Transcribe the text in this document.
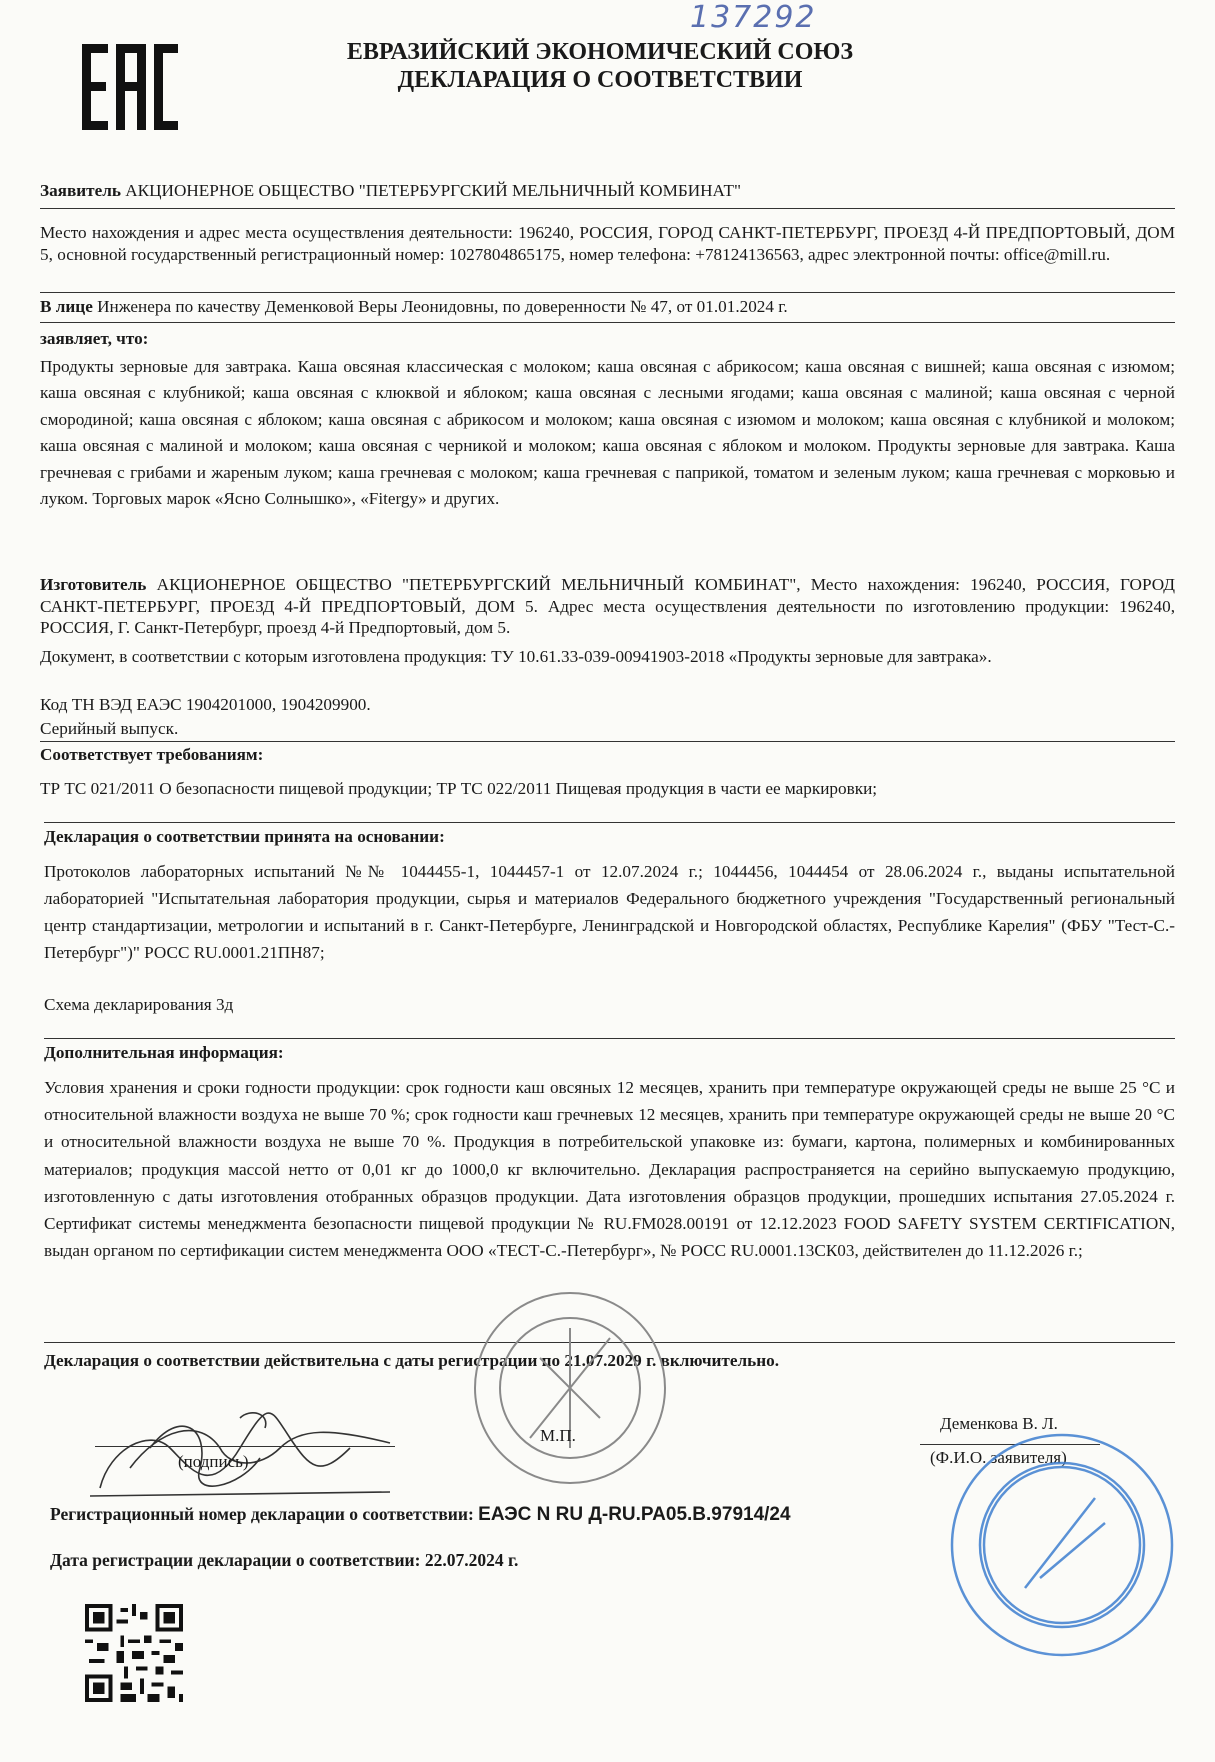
137292
ЕВРАЗИЙСКИЙ ЭКОНОМИЧЕСКИЙ СОЮЗ
ДЕКЛАРАЦИЯ О СООТВЕТСТВИИ
Заявитель АКЦИОНЕРНОЕ ОБЩЕСТВО "ПЕТЕРБУРГСКИЙ МЕЛЬНИЧНЫЙ КОМБИНАТ"
Место нахождения и адрес места осуществления деятельности: 196240, РОССИЯ, ГОРОД САНКТ-ПЕТЕРБУРГ, ПРОЕЗД 4-Й ПРЕДПОРТОВЫЙ, ДОМ 5, основной государственный регистрационный номер: 1027804865175, номер телефона: +78124136563, адрес электронной почты: office@mill.ru.
В лице Инженера по качеству Деменковой Веры Леонидовны, по доверенности № 47, от 01.01.2024 г.
заявляет, что:
Продукты зерновые для завтрака. Каша овсяная классическая с молоком; каша овсяная с абрикосом; каша овсяная с вишней; каша овсяная с изюмом; каша овсяная с клубникой; каша овсяная с клюквой и яблоком; каша овсяная с лесными ягодами; каша овсяная с малиной; каша овсяная с черной смородиной; каша овсяная с яблоком; каша овсяная с абрикосом и молоком; каша овсяная с изюмом и молоком; каша овсяная с клубникой и молоком; каша овсяная с малиной и молоком; каша овсяная с черникой и молоком; каша овсяная с яблоком и молоком. Продукты зерновые для завтрака. Каша гречневая с грибами и жареным луком; каша гречневая с молоком; каша гречневая с паприкой, томатом и зеленым луком; каша гречневая с морковью и луком. Торговых марок «Ясно Солнышко», «Fitergy» и других.
Изготовитель АКЦИОНЕРНОЕ ОБЩЕСТВО "ПЕТЕРБУРГСКИЙ МЕЛЬНИЧНЫЙ КОМБИНАТ", Место нахождения: 196240, РОССИЯ, ГОРОД САНКТ-ПЕТЕРБУРГ, ПРОЕЗД 4-Й ПРЕДПОРТОВЫЙ, ДОМ 5. Адрес места осуществления деятельности по изготовлению продукции: 196240, РОССИЯ, Г. Санкт-Петербург, проезд 4-й Предпортовый, дом 5.
Документ, в соответствии с которым изготовлена продукция: ТУ 10.61.33-039-00941903-2018 «Продукты зерновые для завтрака».
Код ТН ВЭД ЕАЭС 1904201000, 1904209900.
Серийный выпуск.
Соответствует требованиям:
ТР ТС 021/2011 О безопасности пищевой продукции; ТР ТС 022/2011 Пищевая продукция в части ее маркировки;
Декларация о соответствии принята на основании:
Протоколов лабораторных испытаний №№ 1044455-1, 1044457-1 от 12.07.2024 г.; 1044456, 1044454 от 28.06.2024 г., выданы испытательной лабораторией "Испытательная лаборатория продукции, сырья и материалов Федерального бюджетного учреждения "Государственный региональный центр стандартизации, метрологии и испытаний в г. Санкт-Петербурге, Ленинградской и Новгородской областях, Республике Карелия" (ФБУ "Тест-С.-Петербург")" РОСС RU.0001.21ПН87;
Схема декларирования 3д
Дополнительная информация:
Условия хранения и сроки годности продукции: срок годности каш овсяных 12 месяцев, хранить при температуре окружающей среды не выше 25 °С и относительной влажности воздуха не выше 70 %; срок годности каш гречневых 12 месяцев, хранить при температуре окружающей среды не выше 20 °С и относительной влажности воздуха не выше 70 %. Продукция в потребительской упаковке из: бумаги, картона, полимерных и комбинированных материалов; продукция массой нетто от 0,01 кг до 1000,0 кг включительно. Декларация распространяется на серийно выпускаемую продукцию, изготовленную с даты изготовления отобранных образцов продукции. Дата изготовления образцов продукции, прошедших испытания 27.05.2024 г. Сертификат системы менеджмента безопасности пищевой продукции № RU.FM028.00191 от 12.12.2023 FOOD SAFETY SYSTEM CERTIFICATION, выдан органом по сертификации систем менеджмента ООО «ТЕСТ-С.-Петербург», № РОСС RU.0001.13СК03, действителен до 11.12.2026 г.;
Декларация о соответствии действительна с даты регистрации по 21.07.2029 г. включительно.
(подпись)
М.П.
Деменкова В. Л.
(Ф.И.О. заявителя)
Регистрационный номер декларации о соответствии: ЕАЭС N RU Д-RU.PA05.B.97914/24
Дата регистрации декларации о соответствии: 22.07.2024 г.
